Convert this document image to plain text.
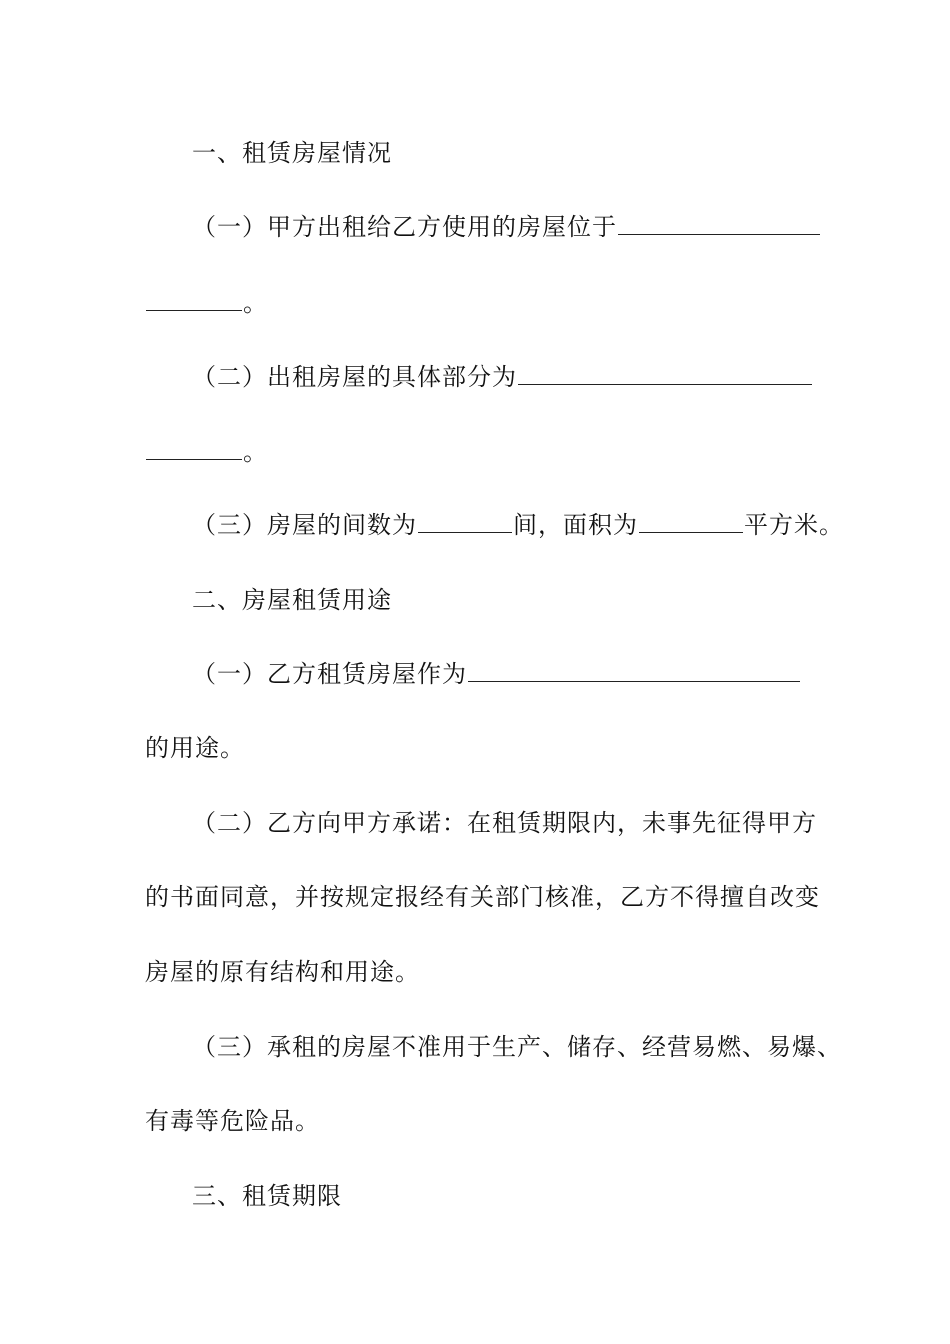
一、租赁房屋情况
（一）甲方出租给乙方使用的房屋位于
。
（二）出租房屋的具体部分为
。
（三）房屋的间数为	间，面积为	平方米。
二、房屋租赁用途
（一）乙方租赁房屋作为
的用途。
（二）乙方向甲方承诺：在租赁期限内，未事先征得甲方
的书面同意，并按规定报经有关部门核准，乙方不得擅自改变
房屋的原有结构和用途。
（三）承租的房屋不准用于生产、储存、经营易燃、易爆、
有毒等危险品。
三、租赁期限
